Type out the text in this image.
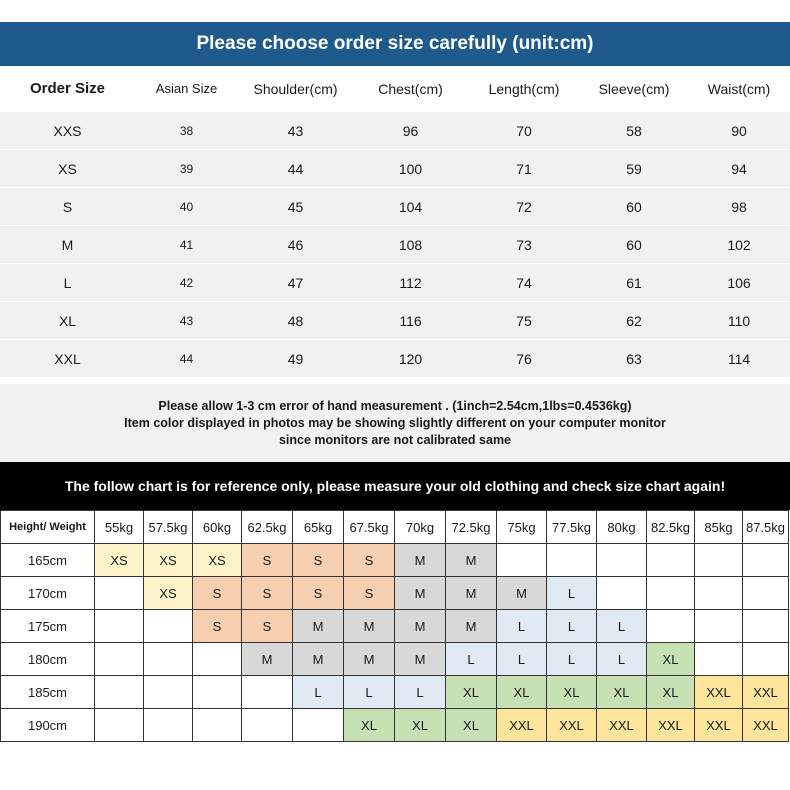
Please choose order size carefully (unit:cm)
Order Size	Asian Size	Shoulder(cm)	Chest(cm)	Length(cm)	Sleeve(cm)	Waist(cm)
XXS	38	43	96	70	58	90
XS	39	44	100	71	59	94
S	40	45	104	72	60	98
M	41	46	108	73	60	102
L	42	47	112	74	61	106
XL	43	48	116	75	62	110
XXL	44	49	120	76	63	114
Please allow 1-3 cm error of hand measurement . (1inch=2.54cm,1lbs=0.4536kg)
Item color displayed in photos may be showing slightly different on your computer monitor
since monitors are not calibrated same
The follow chart is for reference only, please measure your old clothing and check size chart again!
Height/ Weight	55kg	57.5kg	60kg	62.5kg	65kg	67.5kg	70kg	72.5kg	75kg	77.5kg	80kg	82.5kg	85kg	87.5kg
165cm	XS	XS	XS	S	S	S	M	M						
170cm		XS	S	S	S	S	M	M	M	L				
175cm			S	S	M	M	M	M	L	L	L			
180cm				M	M	M	M	L	L	L	L	XL		
185cm					L	L	L	XL	XL	XL	XL	XL	XXL	XXL
190cm						XL	XL	XL	XXL	XXL	XXL	XXL	XXL	XXL
